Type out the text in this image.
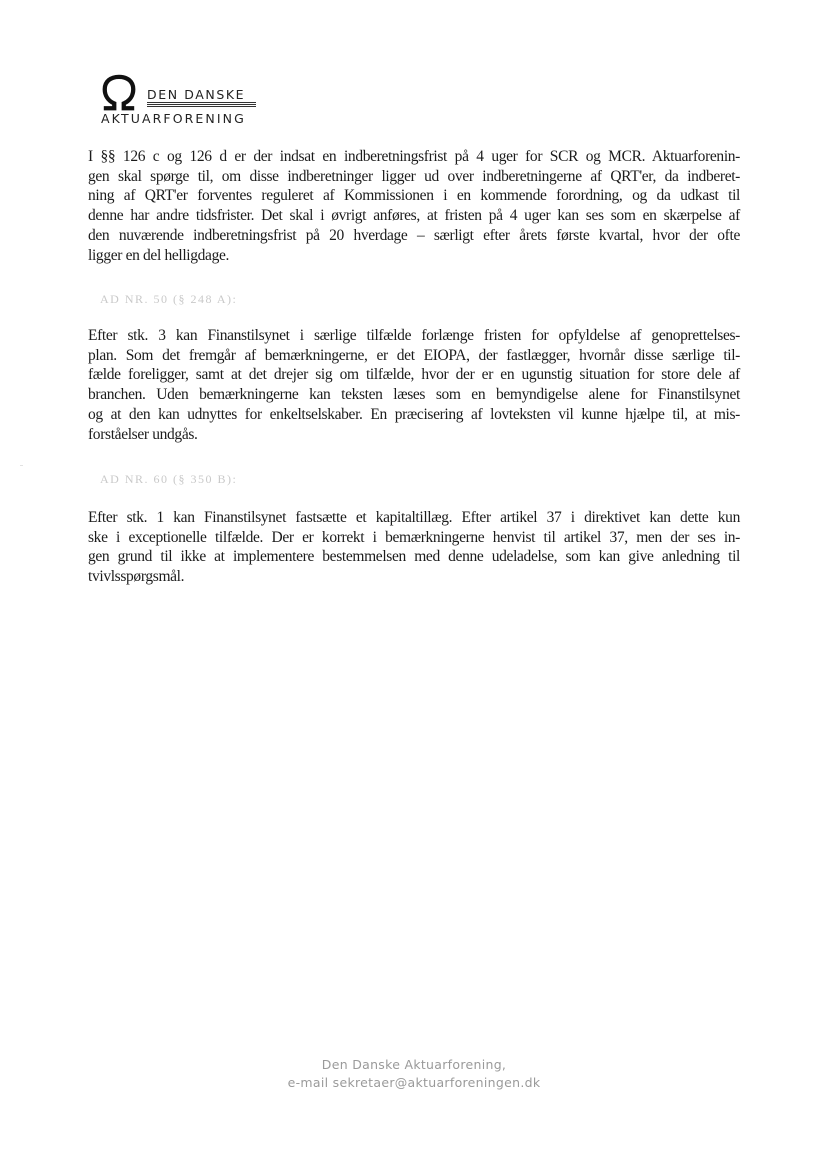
DEN DANSKE
AKTUARFORENING
I §§ 126 c og 126 d er der indsat en indberetningsfrist på 4 uger for SCR og MCR. Aktuarforenin-
gen skal spørge til, om disse indberetninger ligger ud over indberetningerne af QRT'er, da indberet-
ning af QRT'er forventes reguleret af Kommissionen i en kommende forordning, og da udkast til
denne har andre tidsfrister. Det skal i øvrigt anføres, at fristen på 4 uger kan ses som en skærpelse af
den nuværende indberetningsfrist på 20 hverdage – særligt efter årets første kvartal, hvor der ofte
ligger en del helligdage.
AD NR. 50 (§ 248 A):
Efter stk. 3 kan Finanstilsynet i særlige tilfælde forlænge fristen for opfyldelse af genoprettelses-
plan. Som det fremgår af bemærkningerne, er det EIOPA, der fastlægger, hvornår disse særlige til-
fælde foreligger, samt at det drejer sig om tilfælde, hvor der er en ugunstig situation for store dele af
branchen. Uden bemærkningerne kan teksten læses som en bemyndigelse alene for Finanstilsynet
og at den kan udnyttes for enkeltselskaber. En præcisering af lovteksten vil kunne hjælpe til, at mis-
forståelser undgås.
AD NR. 60 (§ 350 B):
Efter stk. 1 kan Finanstilsynet fastsætte et kapitaltillæg. Efter artikel 37 i direktivet kan dette kun
ske i exceptionelle tilfælde. Der er korrekt i bemærkningerne henvist til artikel 37, men der ses in-
gen grund til ikke at implementere bestemmelsen med denne udeladelse, som kan give anledning til
tvivlsspørgsmål.
Den Danske Aktuarforening,
e-mail sekretaer@aktuarforeningen.dk
